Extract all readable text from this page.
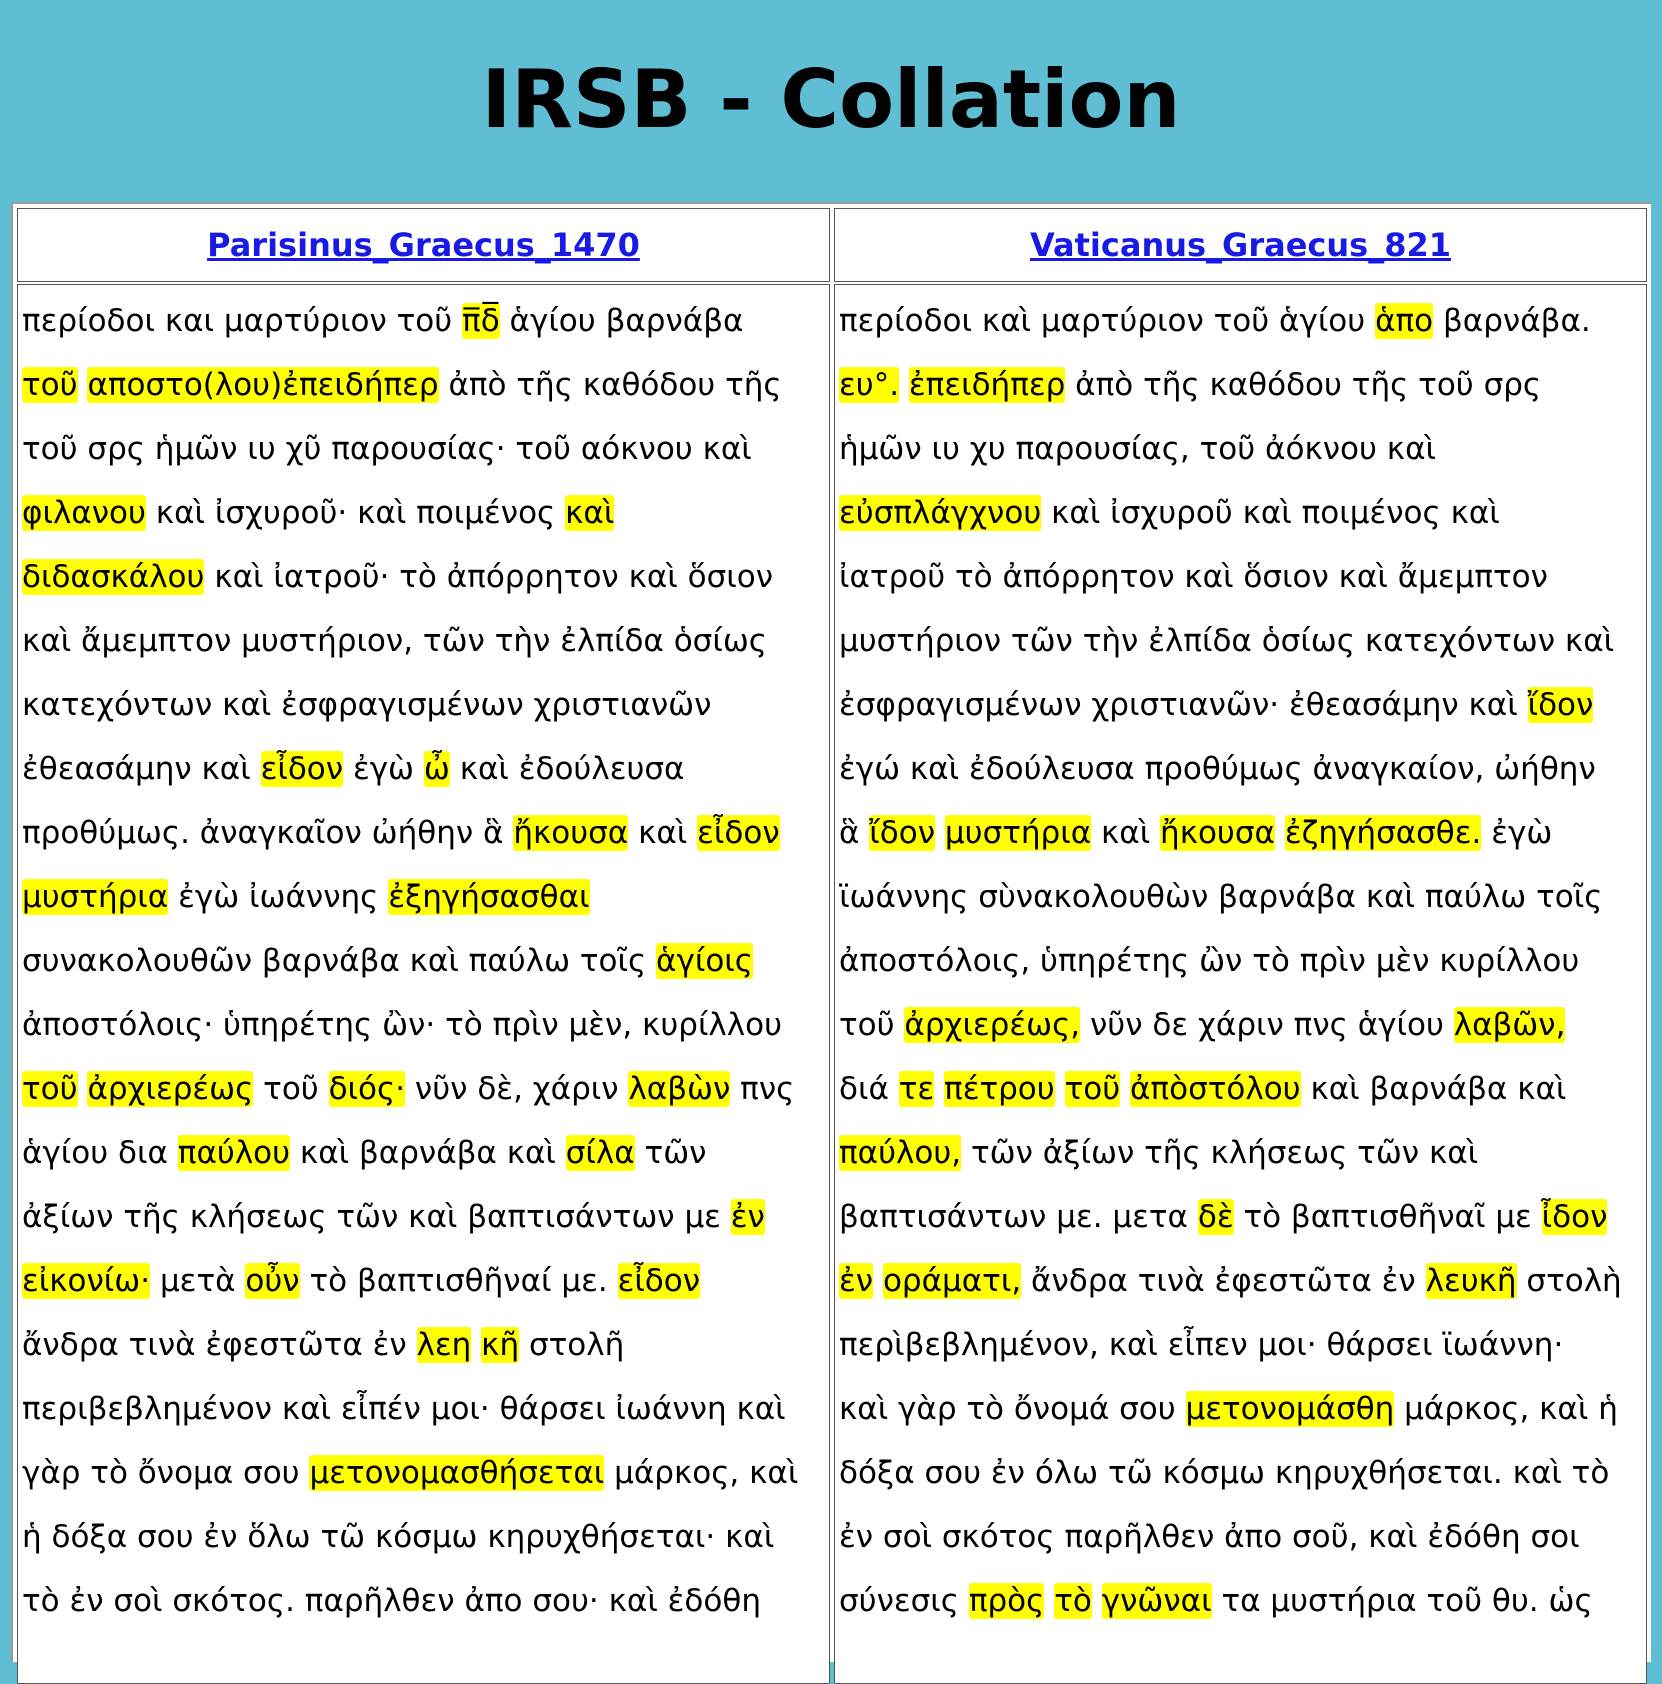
IRSB - Collation
Parisinus_Graecus_1470	Vaticanus_Graecus_821
περίοδοι και μαρτύριον τοῦ π̅δ̅ ἁγίου βαρνάβα
τοῦ αποστο(λου)ἐπειδήπερ ἀπὸ τῆς καθόδου τῆς
τοῦ σρς ἡμῶν ιυ χῦ παρουσίας· τοῦ αόκνου καὶ
φιλανου καὶ ἰσχυροῦ· καὶ ποιμένος καὶ
διδασκάλου καὶ ἰατροῦ· τὸ ἀπόρρητον καὶ ὅσιον
καὶ ἄμεμπτον μυστήριον, τῶν τὴν ἐλπίδα ὁσίως
κατεχόντων καὶ ἐσφραγισμένων χριστιανῶν
ἐθεασάμην καὶ εἶδον ἐγὼ ὦ καὶ ἐδούλευσα
προθύμως. ἀναγκαῖον ὠήθην ἃ ἤκουσα καὶ εἶδον
μυστήρια ἐγὼ ἰωάννης ἐξηγήσασθαι
συνακολουθῶν βαρνάβα καὶ παύλω τοῖς ἁγίοις
ἀποστόλοις· ὑπηρέτης ὢν· τὸ πρὶν μὲν, κυρίλλου
τοῦ ἀρχιερέως τοῦ διός· νῦν δὲ, χάριν λαβὼν πνς
ἁγίου δια παύλου καὶ βαρνάβα καὶ σίλα τῶν
ἀξίων τῆς κλήσεως τῶν καὶ βαπτισάντων με ἐν
εἰκονίω· μετὰ οὖν τὸ βαπτισθῆναί με. εἶδον
ἄνδρα τινὰ ἐφεστῶτα ἐν λεη κῆ στολῆ
περιβεβλημένον καὶ εἶπέν μοι· θάρσει ἰωάννη καὶ
γὰρ τὸ ὄνομα σου μετονομασθήσεται μάρκος, καὶ
ἡ δόξα σου ἐν ὅλω τῶ κόσμω κηρυχθήσεται· καὶ
τὸ ἐν σοὶ σκότος. παρῆλθεν ἀπο σου· καὶ ἐδόθη
περίοδοι καὶ μαρτύριον τοῦ ἁγίου ἁπο βαρνάβα.
ευ°. ἐπειδήπερ ἀπὸ τῆς καθόδου τῆς τοῦ σρς
ἡμῶν ιυ χυ παρουσίας, τοῦ ἀόκνου καὶ
εὐσπλάγχνου καὶ ἰσχυροῦ καὶ ποιμένος καὶ
ἰατροῦ τὸ ἀπόρρητον καὶ ὅσιον καὶ ἄμεμπτον
μυστήριον τῶν τὴν ἐλπίδα ὁσίως κατεχόντων καὶ
ἐσφραγισμένων χριστιανῶν· ἐθεασάμην καὶ ἴδον
ἐγώ καὶ ἐδούλευσα προθύμως ἀναγκαίον, ὠήθην
ἃ ἴδον μυστήρια καὶ ἤκουσα ἐζηγήσασθε. ἐγὼ
ϊωάννης σὺνακολουθὼν βαρνάβα καὶ παύλω τοῖς
ἀποστόλοις, ὑπηρέτης ὢν τὸ πρὶν μὲν κυρίλλου
τοῦ ἀρχιερέως, νῦν δε χάριν πνς ἁγίου λαβῶν,
διά τε πέτρου τοῦ ἀπὸστόλου καὶ βαρνάβα καὶ
παύλου, τῶν ἀξίων τῆς κλήσεως τῶν καὶ
βαπτισάντων με. μετα δὲ τὸ βαπτισθῆναῖ με ἶδον
ἐν οράματι, ἄνδρα τινὰ ἐφεστῶτα ἐν λευκῆ στολὴ
περὶβεβλημένον, καὶ εἶπεν μοι· θάρσει ϊωάννη·
καὶ γὰρ τὸ ὄνομά σου μετονομάσθη μάρκος, καὶ ἡ
δόξα σου ἐν όλω τῶ κόσμω κηρυχθήσεται. καὶ τὸ
ἐν σοὶ σκότος παρῆλθεν ἀπο σοῦ, καὶ ἐδόθη σοι
σύνεσις πρὸς τὸ γνῶναι τα μυστήρια τοῦ θυ. ὡς
